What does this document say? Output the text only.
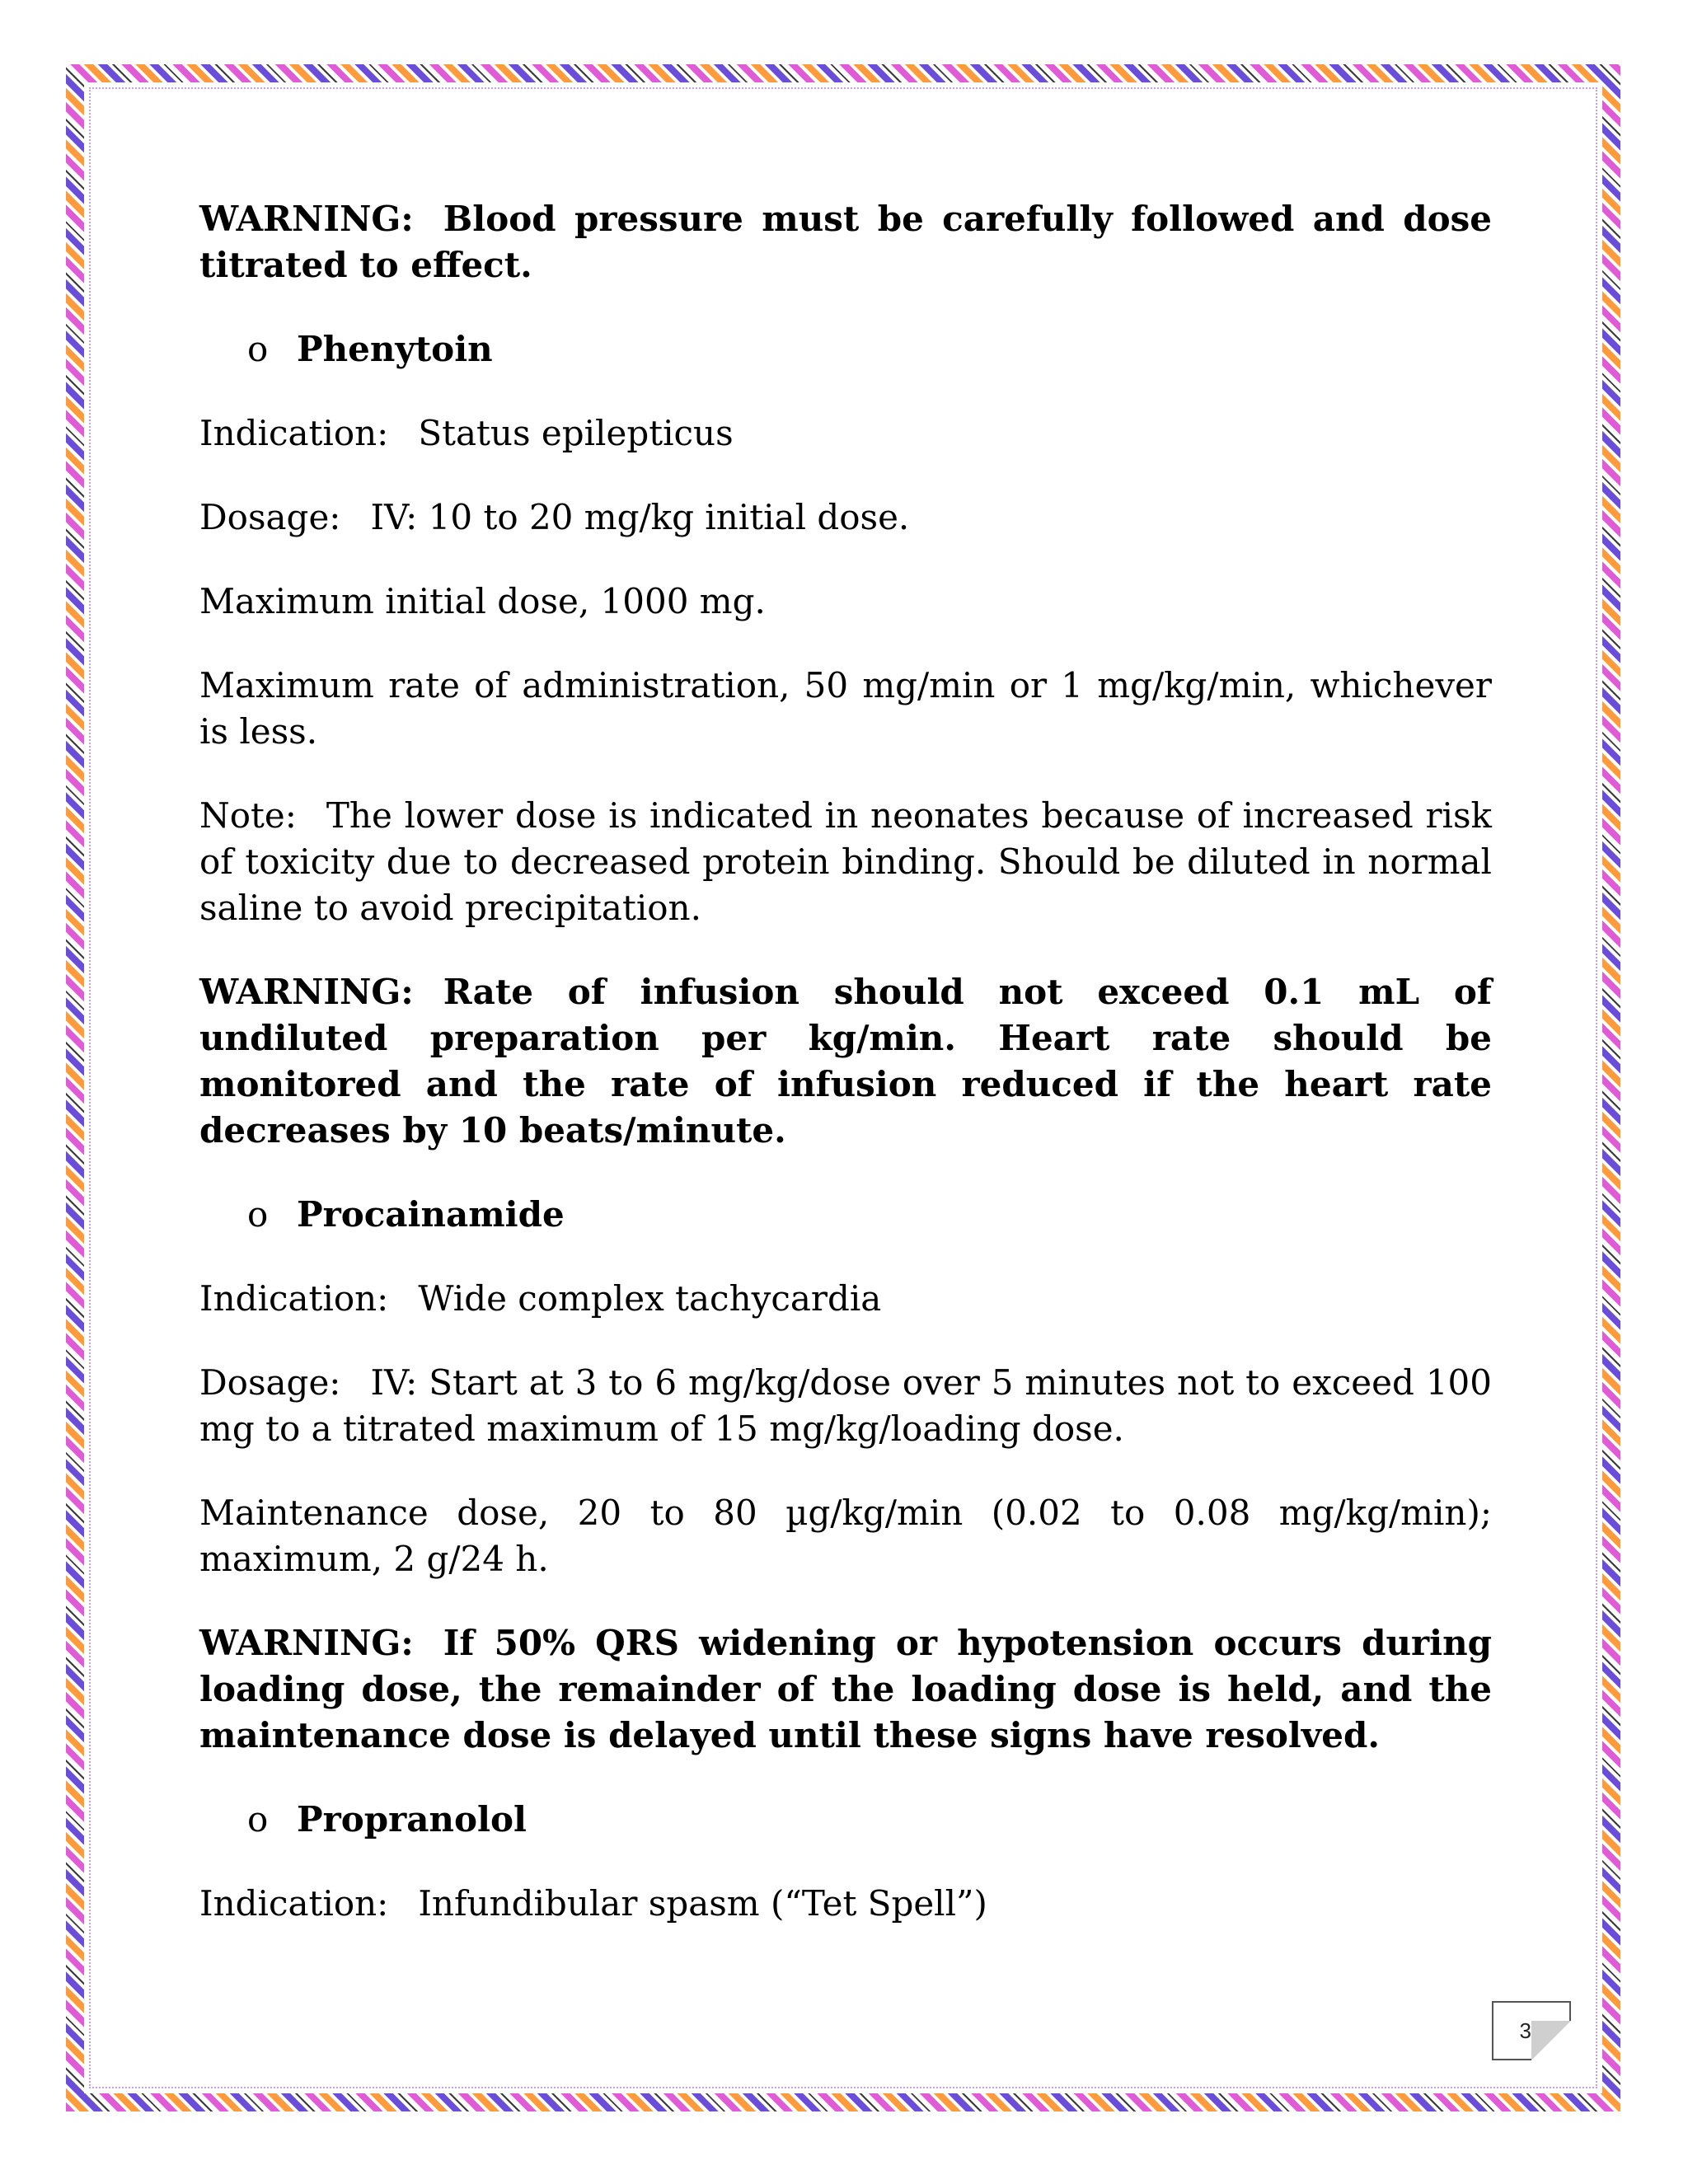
WARNING: Blood pressure must be carefully followed and dose titrated to effect.

o Phenytoin

Indication: Status epilepticus

Dosage: IV: 10 to 20 mg/kg initial dose.

Maximum initial dose, 1000 mg.

Maximum rate of administration, 50 mg/min or 1 mg/kg/min, whichever is less.

Note: The lower dose is indicated in neonates because of increased risk of toxicity due to decreased protein binding. Should be diluted in normal saline to avoid precipitation.

WARNING: Rate of infusion should not exceed 0.1 mL of undiluted preparation per kg/min. Heart rate should be monitored and the rate of infusion reduced if the heart rate decreases by 10 beats/minute.

o Procainamide

Indication: Wide complex tachycardia

Dosage: IV: Start at 3 to 6 mg/kg/dose over 5 minutes not to exceed 100 mg to a titrated maximum of 15 mg/kg/loading dose.

Maintenance dose, 20 to 80 µg/kg/min (0.02 to 0.08 mg/kg/min); maximum, 2 g/24 h.

WARNING: If 50% QRS widening or hypotension occurs during loading dose, the remainder of the loading dose is held, and the maintenance dose is delayed until these signs have resolved.

o Propranolol

Indication: Infundibular spasm (“Tet Spell”)

39
